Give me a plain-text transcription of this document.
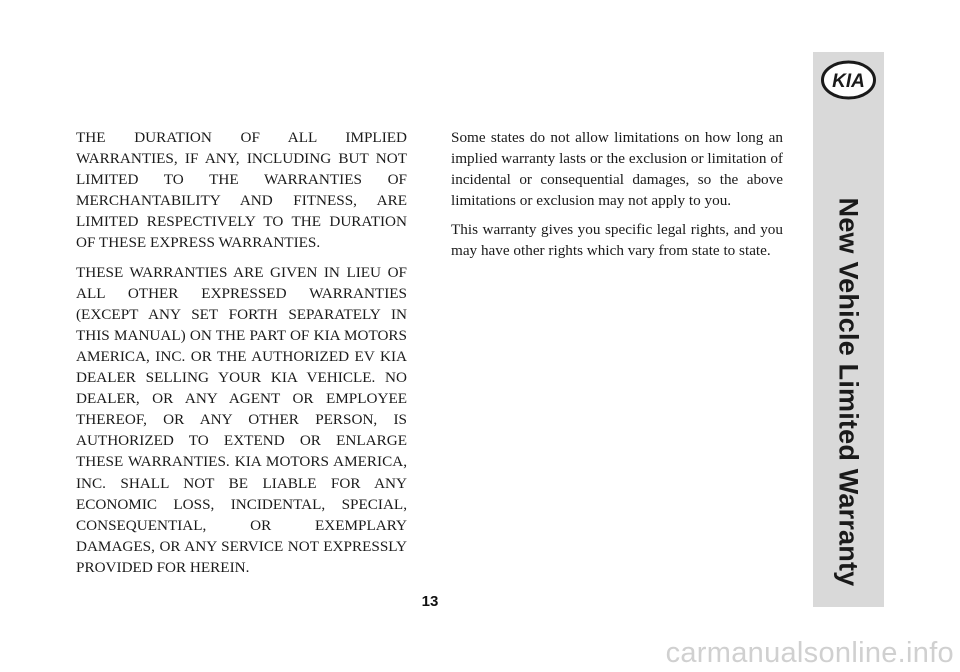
THE DURATION OF ALL IMPLIED WARRANTIES, IF ANY, INCLUDING BUT NOT LIMITED TO THE WARRANTIES OF MERCHANTABILITY AND FITNESS, ARE LIMITED RESPECTIVELY TO THE DURATION OF THESE EXPRESS WARRANTIES.

THESE WARRANTIES ARE GIVEN IN LIEU OF ALL OTHER EXPRESSED WARRANTIES (EXCEPT ANY SET FORTH SEPARATELY IN THIS MANUAL) ON THE PART OF KIA MOTORS AMERICA, INC. OR THE AUTHORIZED EV KIA DEALER SELLING YOUR KIA VEHICLE. NO DEALER, OR ANY AGENT OR EMPLOYEE THEREOF, OR ANY OTHER PERSON, IS AUTHORIZED TO EXTEND OR ENLARGE THESE WARRANTIES. KIA MOTORS AMERICA, INC. SHALL NOT BE LIABLE FOR ANY ECONOMIC LOSS, INCIDENTAL, SPECIAL, CONSEQUENTIAL, OR EXEMPLARY DAMAGES, OR ANY SERVICE NOT EXPRESSLY PROVIDED FOR HEREIN.

Some states do not allow limitations on how long an implied warranty lasts or the exclusion or limitation of incidental or consequential damages, so the above limitations or exclusion may not apply to you.

This warranty gives you specific legal rights, and you may have other rights which vary from state to state.

13
KIA
New Vehicle Limited Warranty
carmanualsonline.info
